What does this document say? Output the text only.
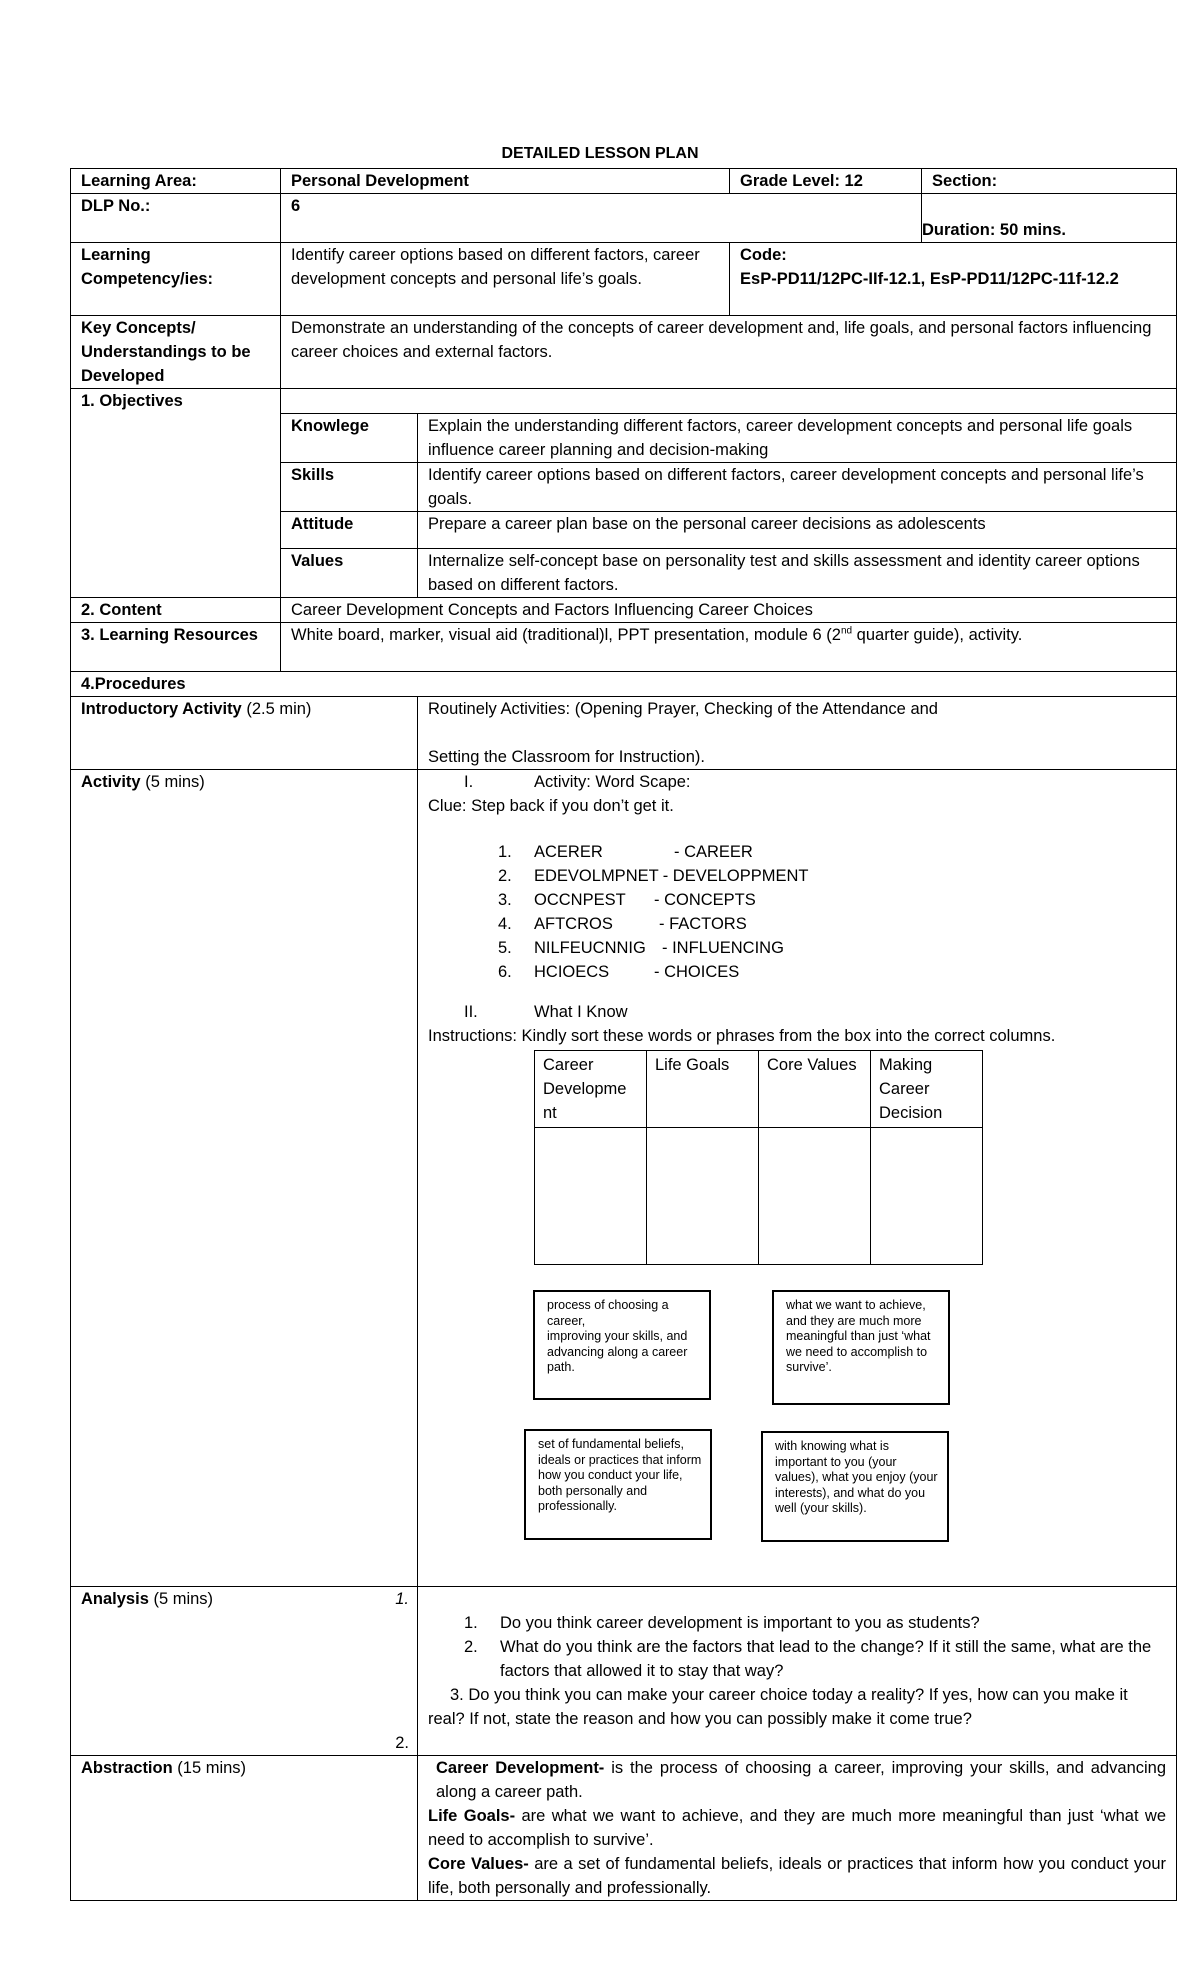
DETAILED LESSON PLAN
Learning Area:	Personal Development	Grade Level: 12	Section:
DLP No.:	6	Duration: 50 mins.
Learning Competency/ies:	Identify career options based on different factors, career development concepts and personal life’s goals.	
Code:
EsP-PD11/12PC-IIf-12.1, EsP-PD11/12PC-11f-12.2

Key Concepts/ Understandings to be Developed	Demonstrate an understanding of the concepts of career development and, life goals, and personal factors influencing career choices and external factors.
1. Objectives	
Knowlege	Explain the understanding different factors, career development concepts and personal life goals influence career planning and decision-making
Skills	Identify career options based on different factors, career development concepts and personal life’s goals.
Attitude	Prepare a career plan base on the personal career decisions as adolescents
Values	Internalize self-concept base on personality test and skills assessment and identity career options based on different factors.
2. Content	Career Development Concepts and Factors Influencing Career Choices
3. Learning Resources	White board, marker, visual aid (traditional)l, PPT presentation, module 6 (2nd quarter guide), activity.
4.Procedures
Introductory Activity (2.5 min)	Routinely Activities: (Opening Prayer, Checking of the Attendance and
Setting the Classroom for Instruction).

Activity (5 mins)	I.	Activity: Word Scape:
Clue: Step back if you don’t get it.
1.	ACERER	- CAREER
2.	EDEVOLMPNET - DEVELOPPMENT
3.	OCCNPEST	- CONCEPTS
4.	AFTCROS	- FACTORS
5.	NILFEUCNNIG - INFLUENCING
6.	HCIOECS	- CHOICES
II.	What I Know
Instructions: Kindly sort these words or phrases from the box into the correct columns.
Career Developme nt	Life Goals	Core Values	Making Career Decision

process of choosing a career,
improving your skills, and advancing along a career path.
what we want to achieve, and they are much more meaningful than just ‘what we need to accomplish to survive’.
set of fundamental beliefs, ideals or practices that inform how you conduct your life, both personally and professionally.
with knowing what is important to you (your values), what you enjoy (your interests), and what do you well (your skills).

Analysis (5 mins)	1.
2.

1.	Do you think career development is important to you as students?
2.	What do you think are the factors that lead to the change? If it still the same, what are the factors that allowed it to stay that way?
3. Do you think you can make your career choice today a reality? If yes, how can you make it real? If not, state the reason and how you can possibly make it come true?

Abstraction (15 mins)	Career Development- is the process of choosing a career, improving your skills, and advancing along a career path.
Life Goals- are what we want to achieve, and they are much more meaningful than just ‘what we need to accomplish to survive’.
Core Values- are a set of fundamental beliefs, ideals or practices that inform how you conduct your life, both personally and professionally.
